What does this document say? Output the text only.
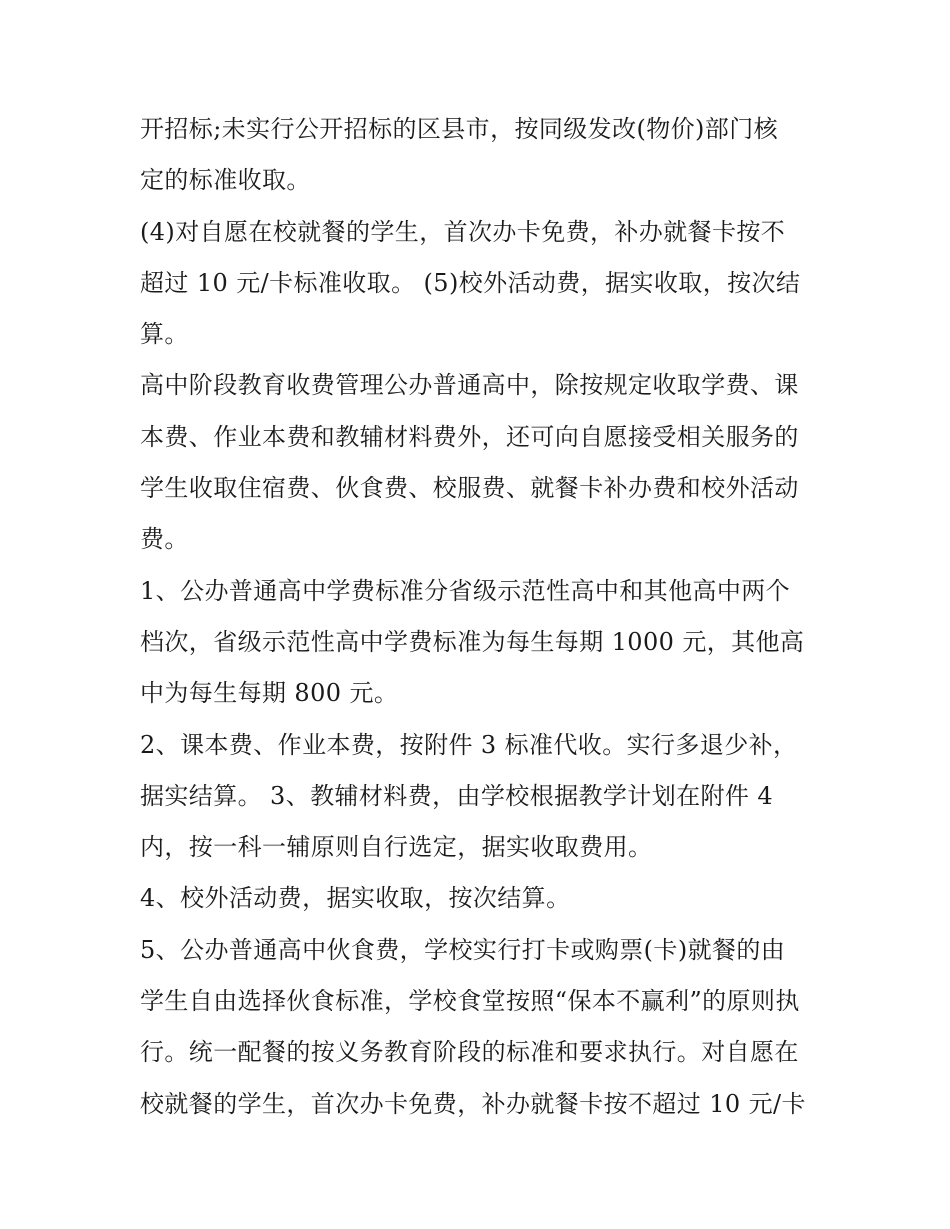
开招标;未实行公开招标的区县市，按同级发改(物价)部门核
定的标准收取。
(4)对自愿在校就餐的学生，首次办卡免费，补办就餐卡按不
超过 10 元/卡标准收取。 (5)校外活动费，据实收取，按次结
算。
高中阶段教育收费管理公办普通高中，除按规定收取学费、课
本费、作业本费和教辅材料费外，还可向自愿接受相关服务的
学生收取住宿费、伙食费、校服费、就餐卡补办费和校外活动
费。
1、公办普通高中学费标准分省级示范性高中和其他高中两个
档次，省级示范性高中学费标准为每生每期 1000 元，其他高
中为每生每期 800 元。
2、课本费、作业本费，按附件 3 标准代收。实行多退少补，
据实结算。 3、教辅材料费，由学校根据教学计划在附件 4
内，按一科一辅原则自行选定，据实收取费用。
4、校外活动费，据实收取，按次结算。
5、公办普通高中伙食费，学校实行打卡或购票(卡)就餐的由
学生自由选择伙食标准，学校食堂按照“保本不赢利”的原则执
行。统一配餐的按义务教育阶段的标准和要求执行。对自愿在
校就餐的学生，首次办卡免费，补办就餐卡按不超过 10 元/卡
